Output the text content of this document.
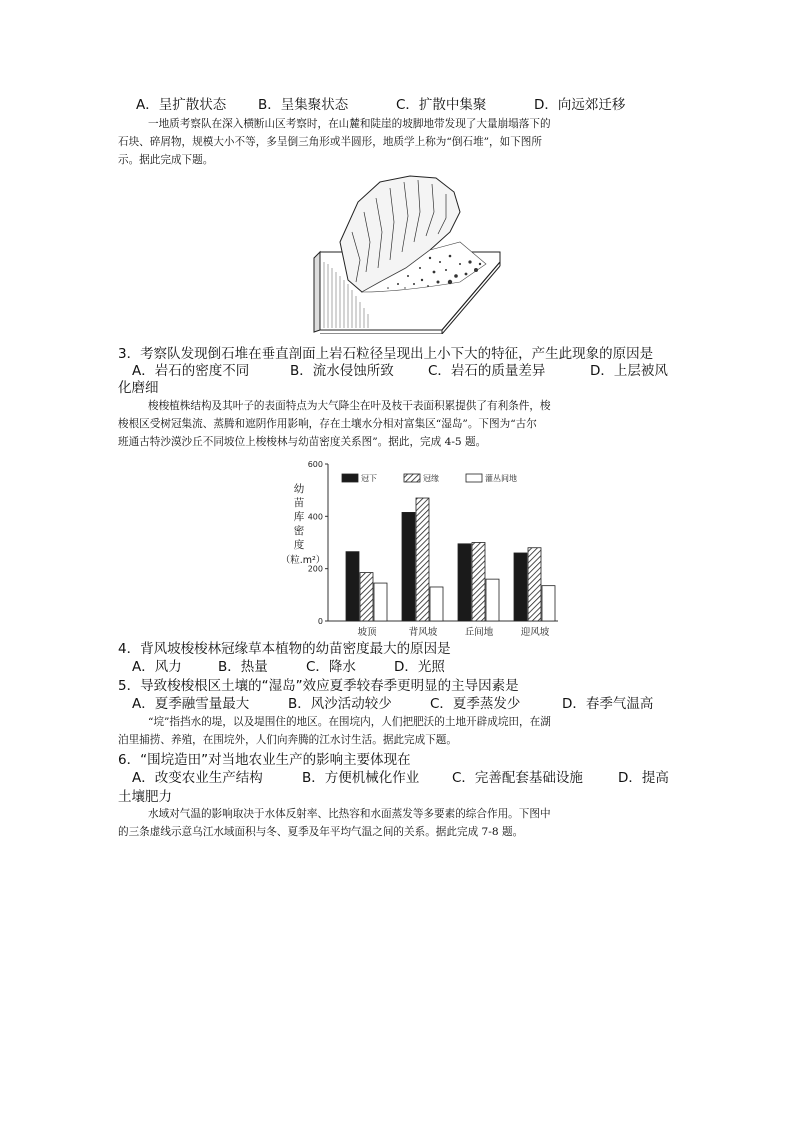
A．呈扩散状态 B．呈集聚状态	C．扩散中集聚	D．向远郊迁移
一地质考察队在深入横断山区考察时，在山麓和陡崖的坡脚地带发现了大量崩塌落下的
石块、碎屑物，规模大小不等，多呈倒三角形或半圆形，地质学上称为“倒石堆”，如下图所
示。据此完成下题。
3．考察队发现倒石堆在垂直剖面上岩石粒径呈现出上小下大的特征，产生此现象的原因是
A．岩石的密度不同	B．流水侵蚀所致	C．岩石的质量差异	D．上层被风
化磨细
梭梭植株结构及其叶子的表面特点为大气降尘在叶及枝干表面积累提供了有利条件，梭
梭根区受树冠集流、蒸腾和遮阴作用影响，存在土壤水分相对富集区“湿岛”。下图为“古尔
班通古特沙漠沙丘不同坡位上梭梭林与幼苗密度关系图”。据此，完成 4-5 题。
幼
苗
库
密
度
（粒.m²）
0
200
400
600
坡顶	背风坡	丘间地	迎风坡
冠下	冠缘	灌丛间地
4．背风坡梭梭林冠缘草本植物的幼苗密度最大的原因是
A．风力	B．热量	C．降水	D．光照
5．导致梭梭根区土壤的“湿岛”效应夏季较春季更明显的主导因素是
A．夏季融雪量最大	B．风沙活动较少	C．夏季蒸发少	D．春季气温高
“垸”指挡水的堤，以及堤围住的地区。在围垸内，人们把肥沃的土地开辟成垸田，在湖
泊里捕捞、养殖，在围垸外，人们向奔腾的江水讨生活。据此完成下题。
6．“围垸造田”对当地农业生产的影响主要体现在
A．改变农业生产结构	B．方便机械化作业 C．完善配套基础设施	D．提高
土壤肥力
水域对气温的影响取决于水体反射率、比热容和水面蒸发等多要素的综合作用。下图中
的三条虚线示意乌江水域面积与冬、夏季及年平均气温之间的关系。据此完成 7-8 题。
